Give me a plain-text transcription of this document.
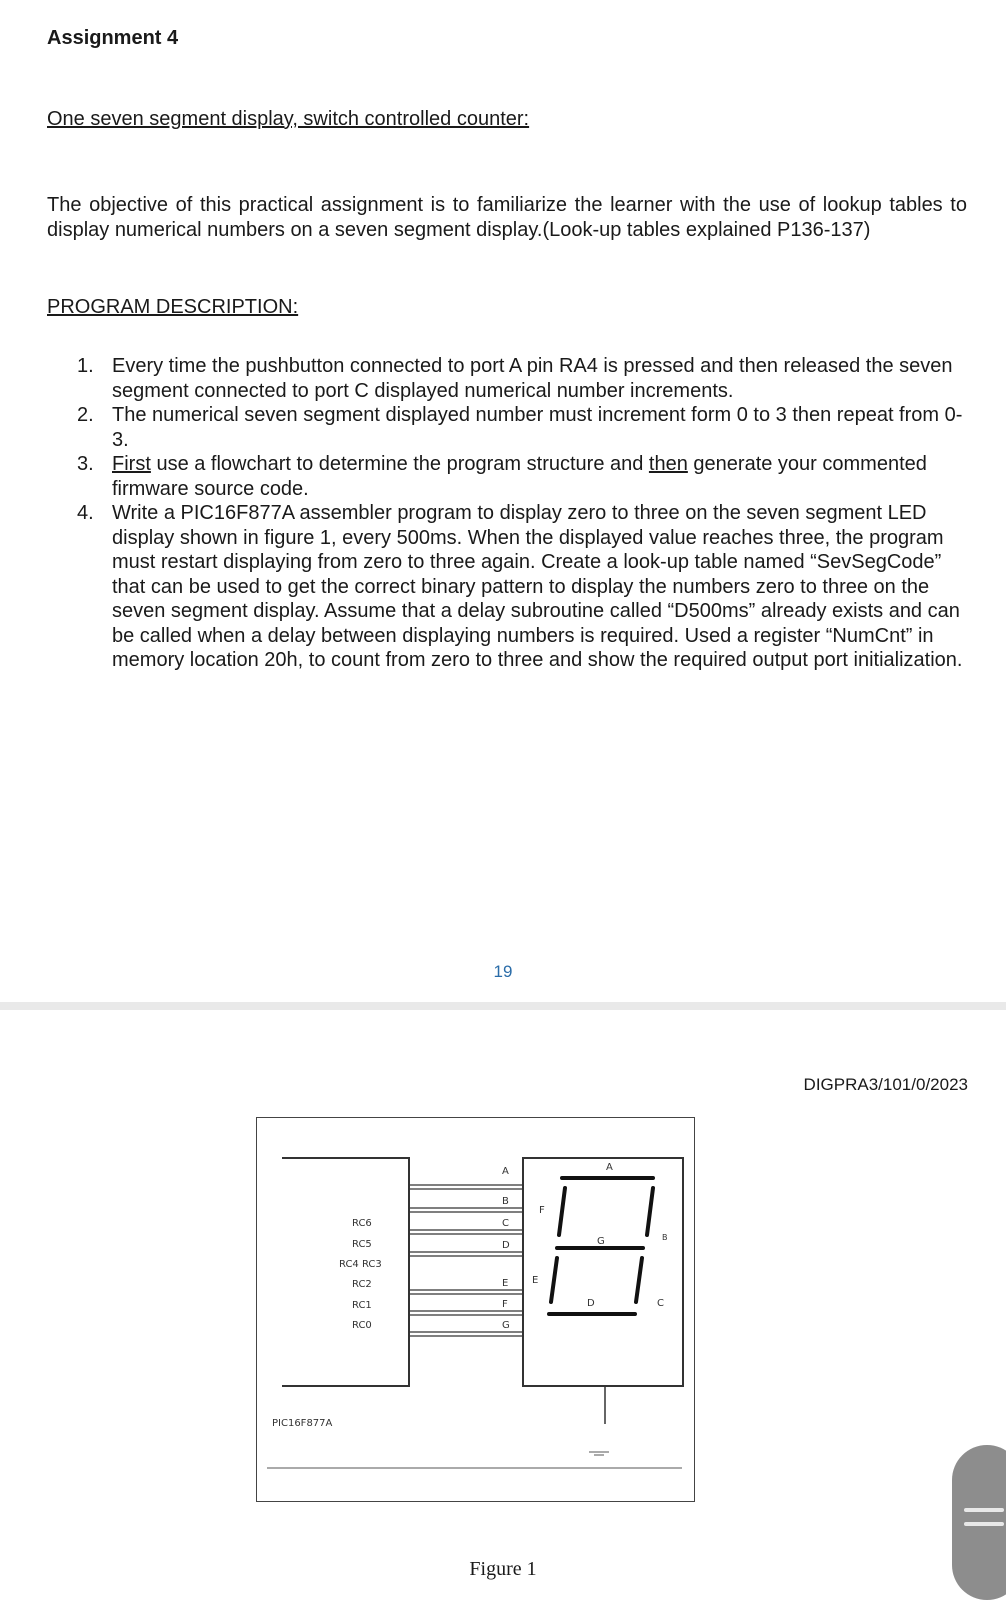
Assignment 4
One seven segment display, switch controlled counter:

The objective of this practical assignment is to familiarize the learner with the use of lookup tables to display numerical numbers on a seven segment display.(Look-up tables explained P136-137)

PROGRAM DESCRIPTION:
1. Every time the pushbutton connected to port A pin RA4 is pressed and then released the seven segment connected to port C displayed numerical number increments.
2. The numerical seven segment displayed number must increment form 0 to 3 then repeat from 0-3.
3. First use a flowchart to determine the program structure and then generate your commented firmware source code.
4. Write a PIC16F877A assembler program to display zero to three on the seven segment LED display shown in figure 1, every 500ms. When the displayed value reaches three, the program must restart displaying from zero to three again. Create a look-up table named “SevSegCode” that can be used to get the correct binary pattern to display the numbers zero to three on the seven segment display. Assume that a delay subroutine called “D500ms” already exists and can be called when a delay between displaying numbers is required. Used a register “NumCnt” in memory location 20h, to count from zero to three and show the required output port initialization.
19
DIGPRA3/101/0/2023
RC6
RC5
RC4 RC3
RC2
RC1
RC0
A
B
C
D
E
F
G
A
F
B
G
E
D	C
PIC16F877A
Figure 1
